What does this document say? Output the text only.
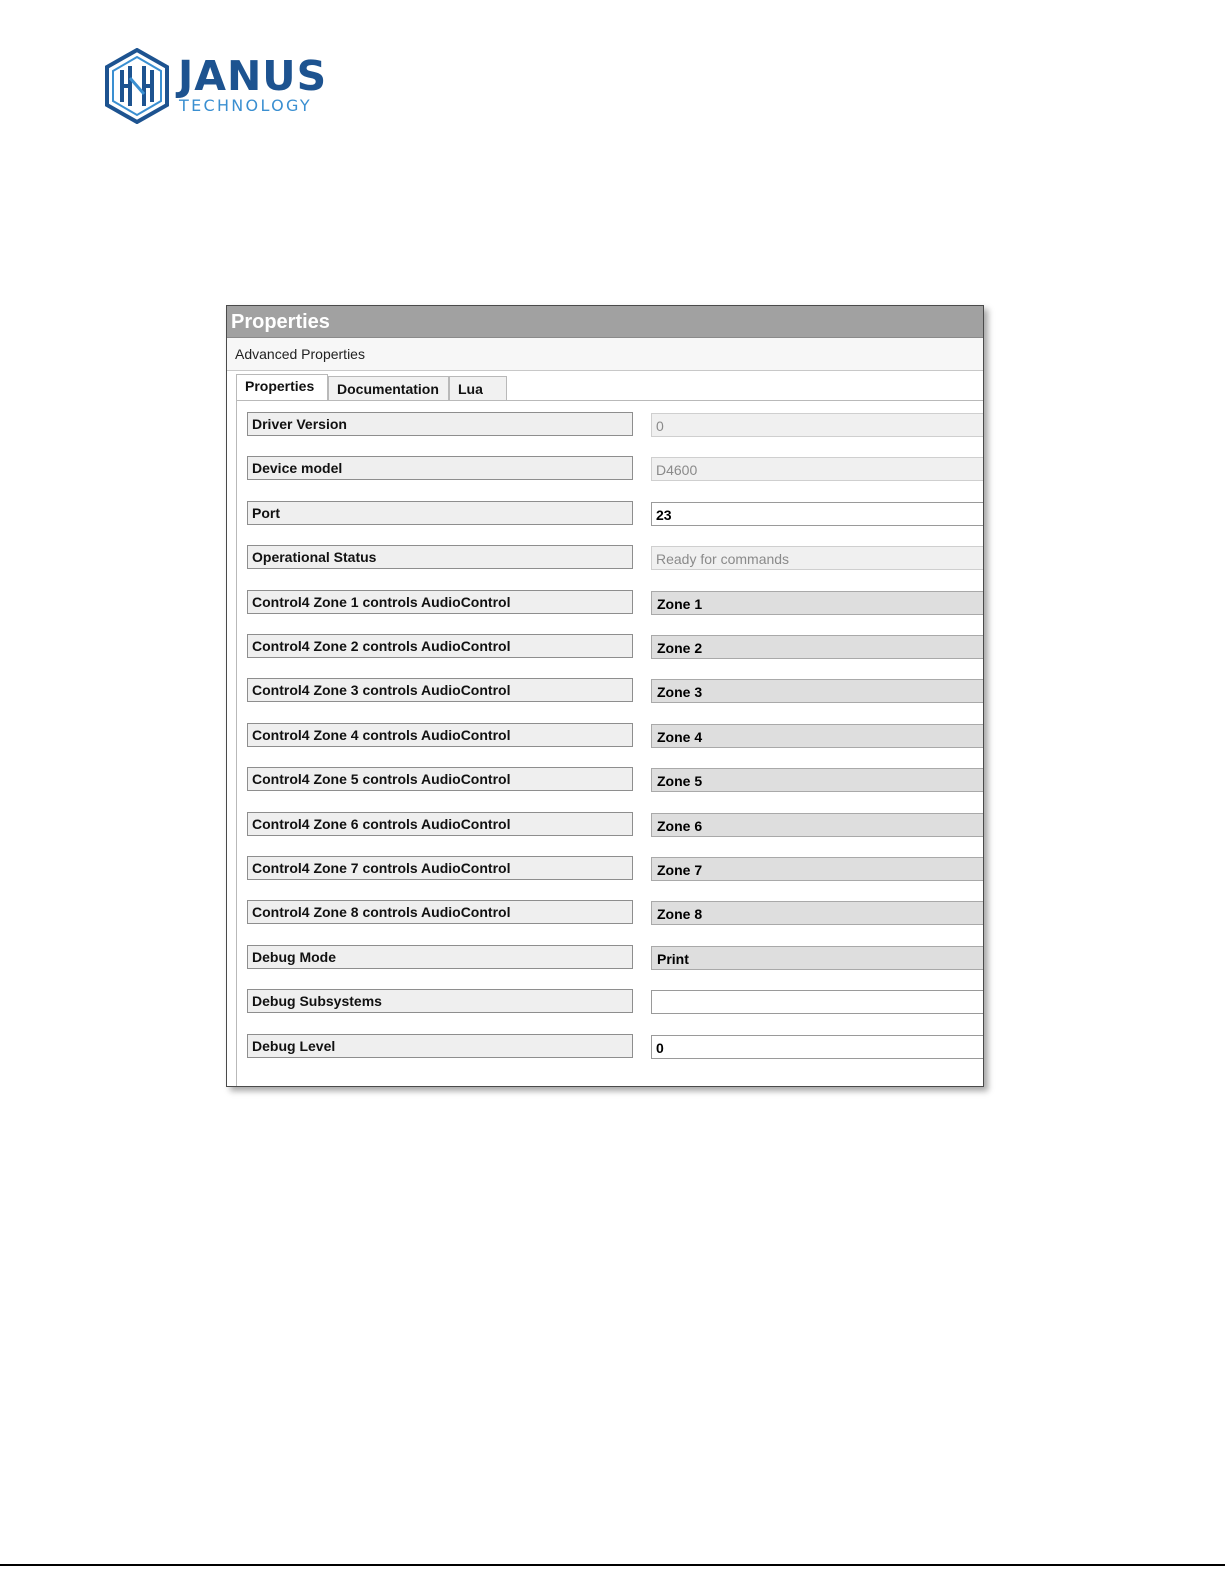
JANUS
TECHNOLOGY
Properties
Advanced Properties
Properties	Documentation	Lua
Driver Version	0
Device model	D4600
Port	23
Operational Status	Ready for commands
Control4 Zone 1 controls AudioControl	Zone 1
Control4 Zone 2 controls AudioControl	Zone 2
Control4 Zone 3 controls AudioControl	Zone 3
Control4 Zone 4 controls AudioControl	Zone 4
Control4 Zone 5 controls AudioControl	Zone 5
Control4 Zone 6 controls AudioControl	Zone 6
Control4 Zone 7 controls AudioControl	Zone 7
Control4 Zone 8 controls AudioControl	Zone 8
Debug Mode	Print
Debug Subsystems
Debug Level	0
